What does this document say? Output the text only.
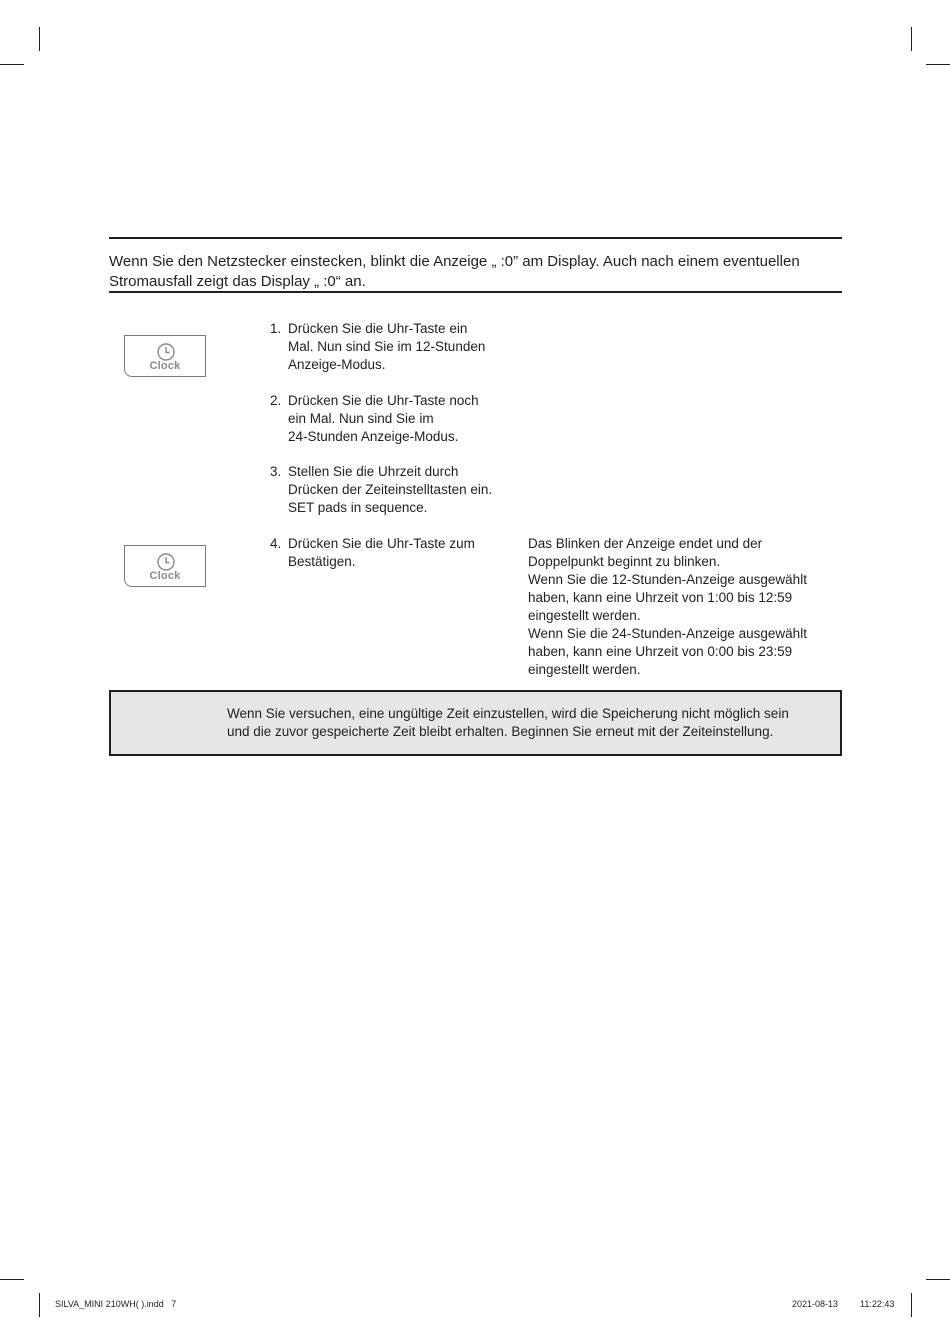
Wenn Sie den Netzstecker einstecken, blinkt die Anzeige „ :0” am Display. Auch nach einem eventuellen
Stromausfall zeigt das Display „ :0“ an.

Clock
Clock
1. Drücken Sie die Uhr-Taste ein
Mal. Nun sind Sie im 12-Stunden
Anzeige-Modus.
2. Drücken Sie die Uhr-Taste noch
ein Mal. Nun sind Sie im
24-Stunden Anzeige-Modus.
3. Stellen Sie die Uhrzeit durch
Drücken der Zeiteinstelltasten ein.
SET pads in sequence.
4. Drücken Sie die Uhr-Taste zum
Bestätigen.

Das Blinken der Anzeige endet und der

Doppelpunkt beginnt zu blinken.

Wenn Sie die 12-Stunden-Anzeige ausgewählt

haben, kann eine Uhrzeit von 1:00 bis 12:59

eingestellt werden.

Wenn Sie die 24-Stunden-Anzeige ausgewählt

haben, kann eine Uhrzeit von 0:00 bis 23:59

eingestellt werden.

Wenn Sie versuchen, eine ungültige Zeit einzustellen, wird die Speicherung nicht möglich sein
und die zuvor gespeicherte Zeit bleibt erhalten. Beginnen Sie erneut mit der Zeiteinstellung.
SILVA_MINI 210WH( ).indd   7	2021-08-13 11:22:43
